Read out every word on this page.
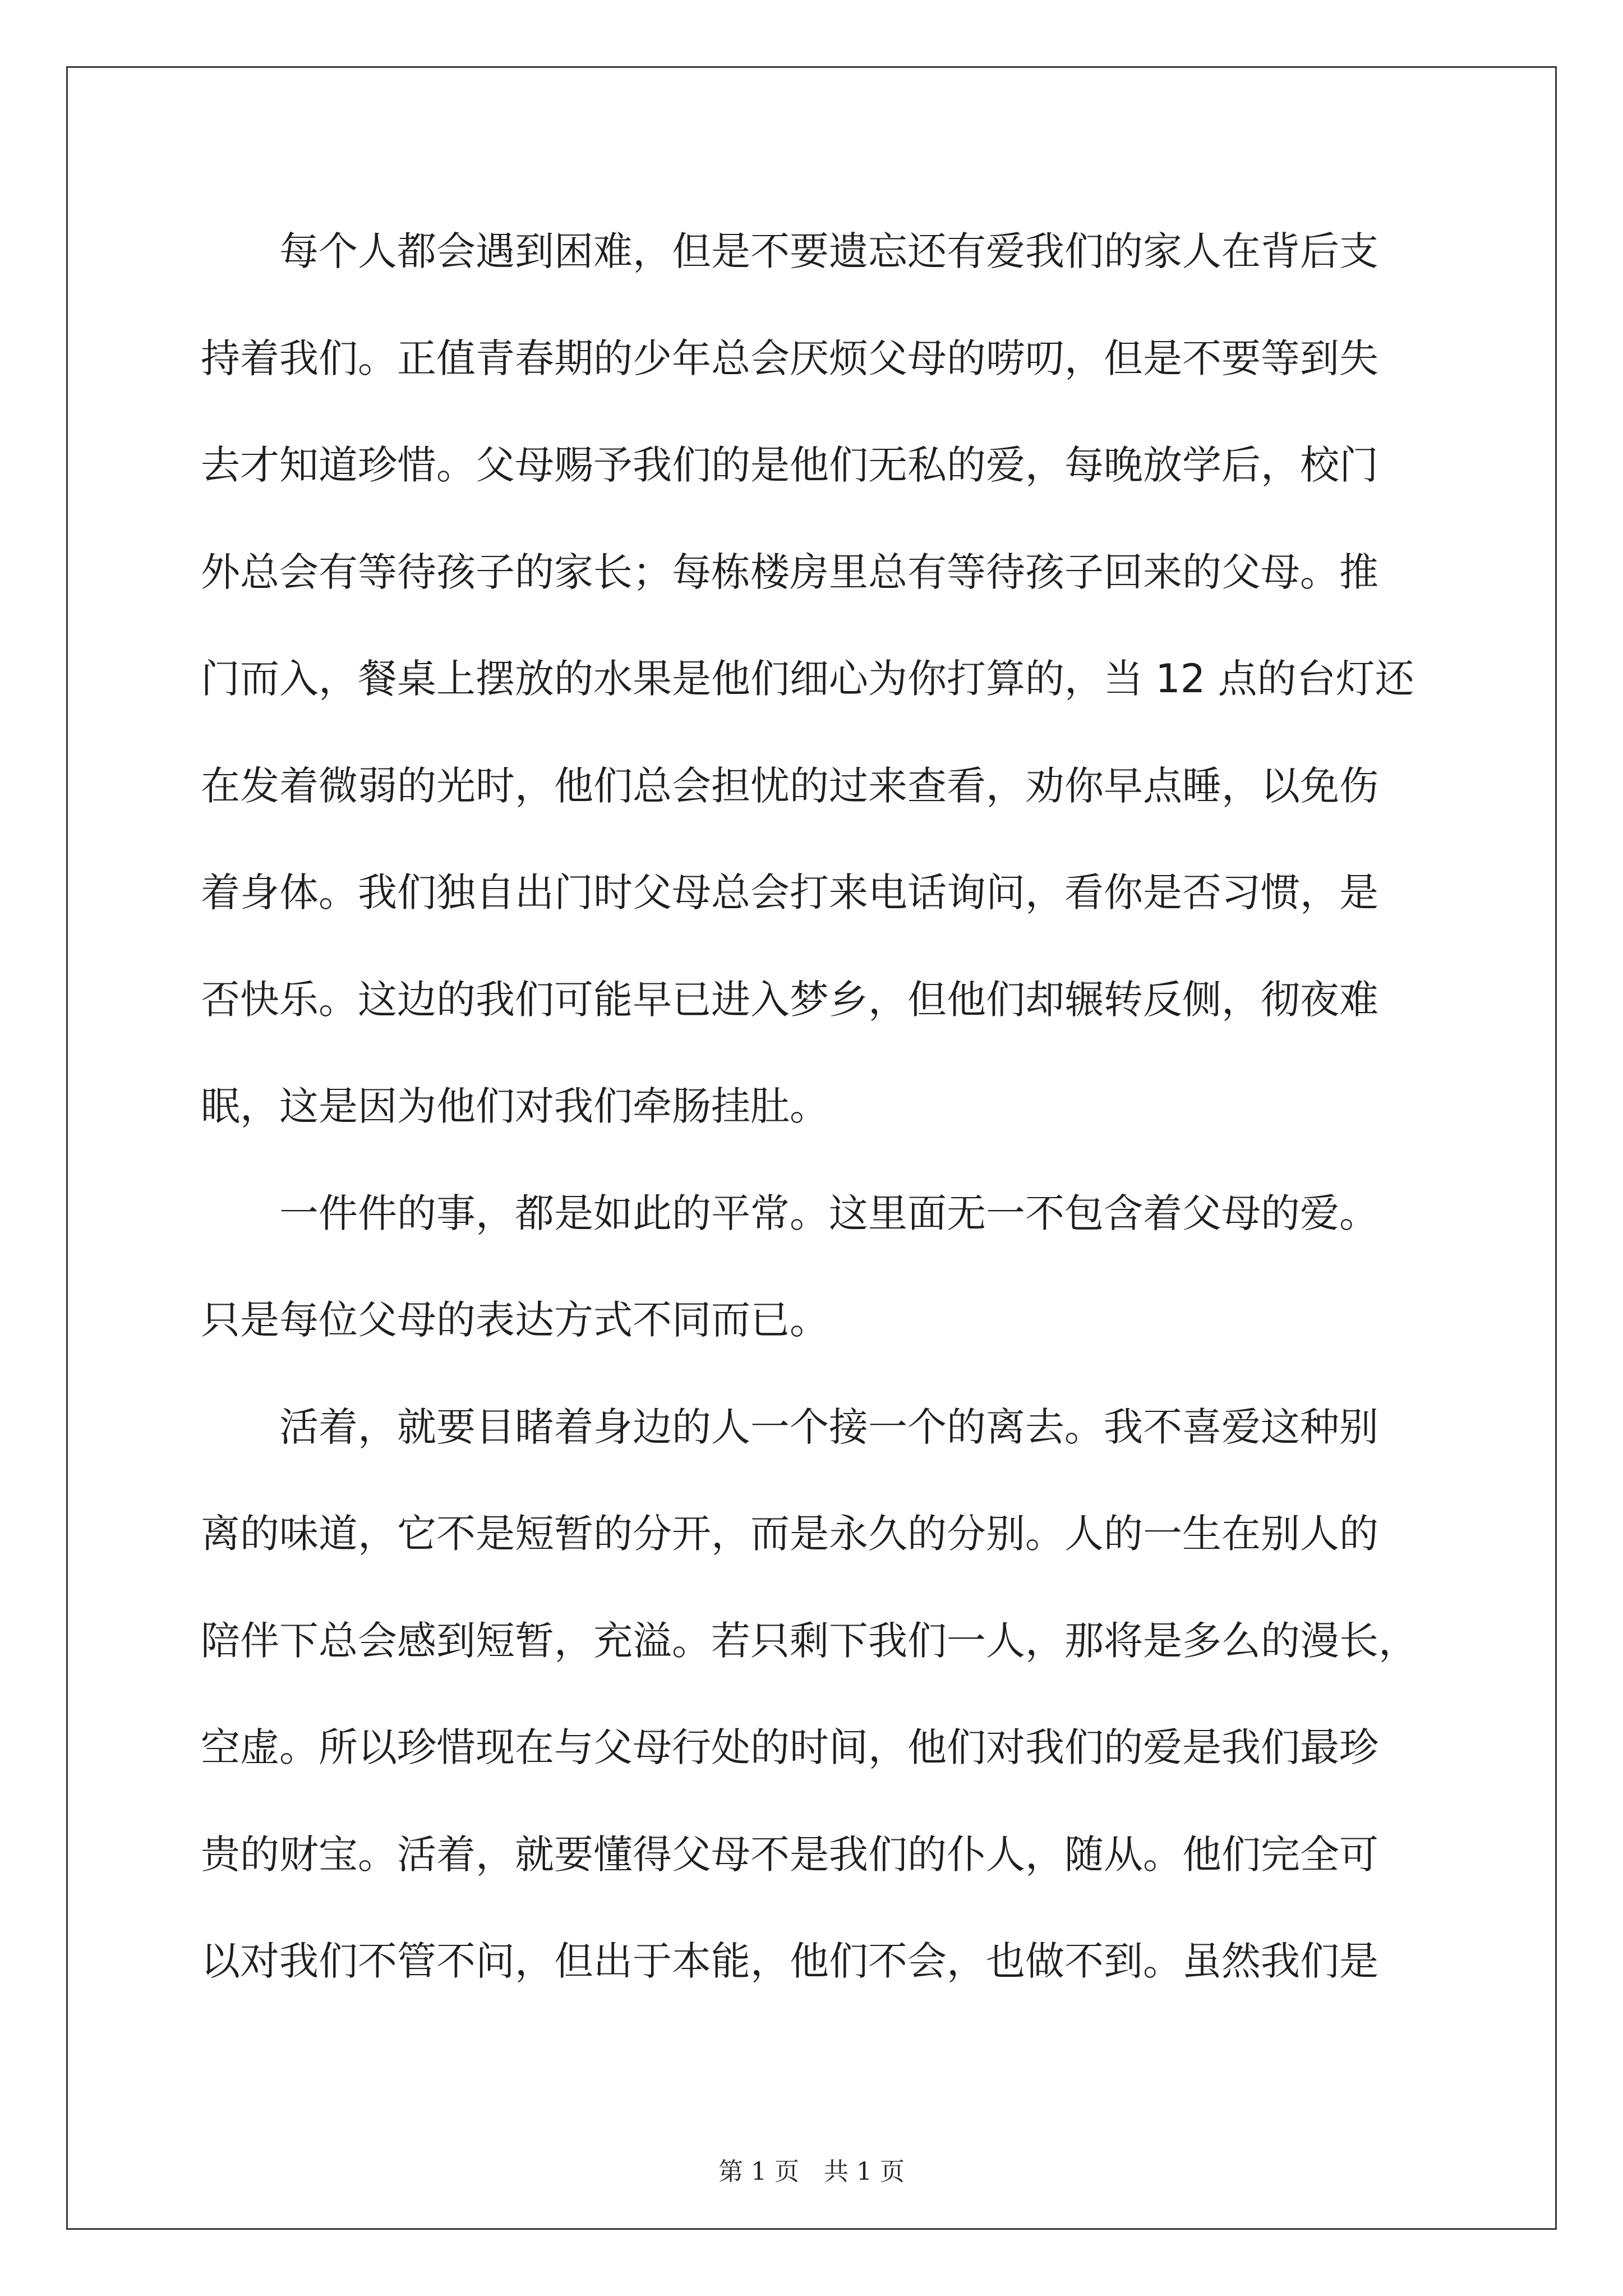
　　每个人都会遇到困难，但是不要遗忘还有爱我们的家人在背后支
持着我们。正值青春期的少年总会厌烦父母的唠叨，但是不要等到失
去才知道珍惜。父母赐予我们的是他们无私的爱，每晚放学后，校门
外总会有等待孩子的家长；每栋楼房里总有等待孩子回来的父母。推
门而入，餐桌上摆放的水果是他们细心为你打算的，当 12 点的台灯还
在发着微弱的光时，他们总会担忧的过来查看，劝你早点睡，以免伤
着身体。我们独自出门时父母总会打来电话询问，看你是否习惯，是
否快乐。这边的我们可能早已进入梦乡，但他们却辗转反侧，彻夜难
眠，这是因为他们对我们牵肠挂肚。
　　一件件的事，都是如此的平常。这里面无一不包含着父母的爱。
只是每位父母的表达方式不同而已。
　　活着，就要目睹着身边的人一个接一个的离去。我不喜爱这种别
离的味道，它不是短暂的分开，而是永久的分别。人的一生在别人的
陪伴下总会感到短暂，充溢。若只剩下我们一人，那将是多么的漫长，
空虚。所以珍惜现在与父母行处的时间，他们对我们的爱是我们最珍
贵的财宝。活着，就要懂得父母不是我们的仆人，随从。他们完全可
以对我们不管不问，但出于本能，他们不会，也做不到。虽然我们是
第 1 页　共 1 页
